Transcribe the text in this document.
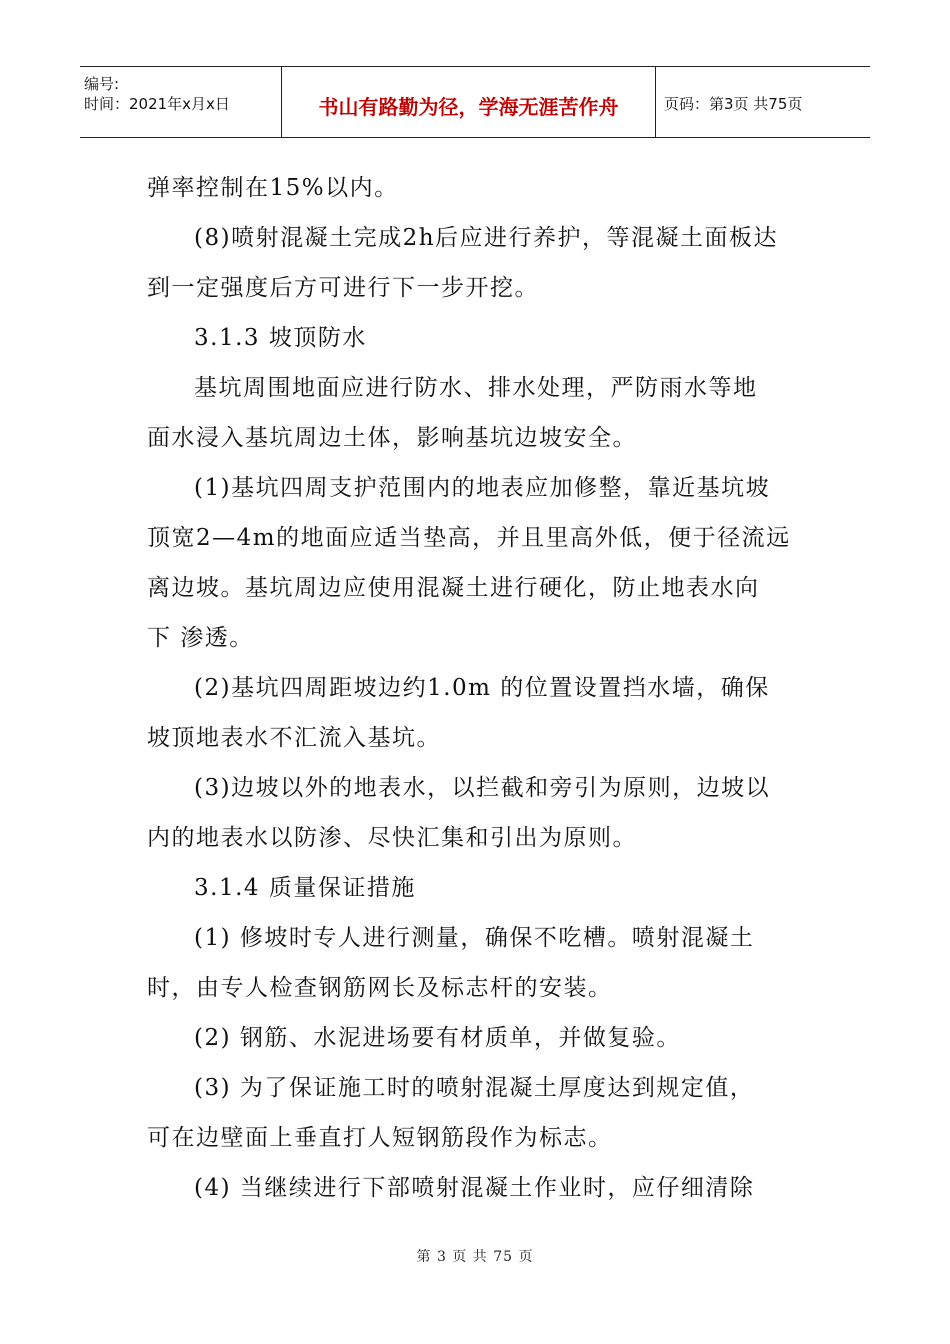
编号:
时间：2021年x月x日	书山有路勤为径，学海无涯苦作舟	页码：第3页 共75页
弹率控制在15%以内。
(8)喷射混凝土完成2h后应进行养护，等混凝土面板达
到一定强度后方可进行下一步开挖。
3.1.3 坡顶防水
基坑周围地面应进行防水、排水处理，严防雨水等地
面水浸入基坑周边土体，影响基坑边坡安全。
(1)基坑四周支护范围内的地表应加修整，靠近基坑坡
顶宽2—4m的地面应适当垫高，并且里高外低，便于径流远
离边坡。基坑周边应使用混凝土进行硬化，防止地表水向
下 渗透。
(2)基坑四周距坡边约1.0m 的位置设置挡水墙，确保
坡顶地表水不汇流入基坑。
(3)边坡以外的地表水，以拦截和旁引为原则，边坡以
内的地表水以防渗、尽快汇集和引出为原则。
3.1.4 质量保证措施
(1) 修坡时专人进行测量，确保不吃槽。喷射混凝土
时，由专人检查钢筋网长及标志杆的安装。
(2) 钢筋、水泥进场要有材质单，并做复验。
(3) 为了保证施工时的喷射混凝土厚度达到规定值，
可在边壁面上垂直打人短钢筋段作为标志。
(4) 当继续进行下部喷射混凝土作业时，应仔细清除
第 3 页 共 75 页
